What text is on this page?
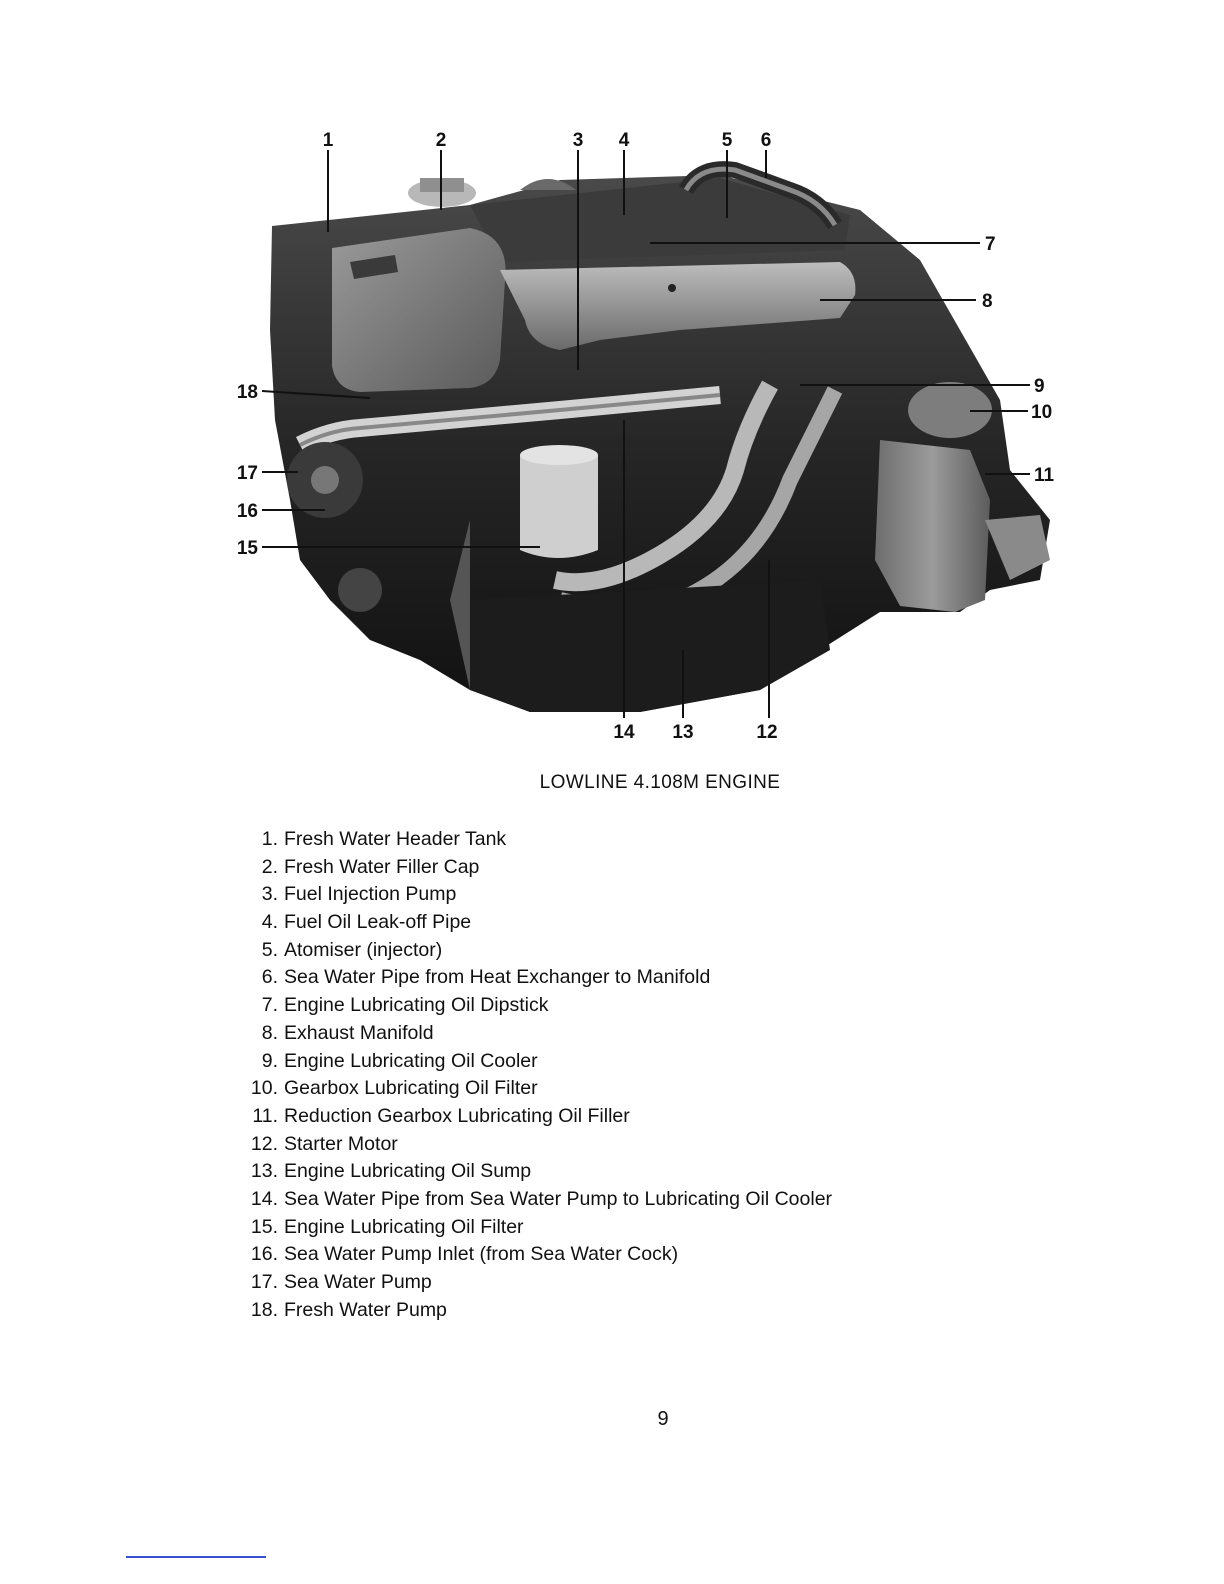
1	2	3 4	5 6
7
8
9
10
11
12
13
14
15
16
17
18
LOWLINE 4.108M ENGINE
1. Fresh Water Header Tank
2. Fresh Water Filler Cap
3. Fuel Injection Pump
4. Fuel Oil Leak-off Pipe
5. Atomiser (injector)
6. Sea Water Pipe from Heat Exchanger to Manifold
7. Engine Lubricating Oil Dipstick
8. Exhaust Manifold
9. Engine Lubricating Oil Cooler
10. Gearbox Lubricating Oil Filter
11. Reduction Gearbox Lubricating Oil Filler
12. Starter Motor
13. Engine Lubricating Oil Sump
14. Sea Water Pipe from Sea Water Pump to Lubricating Oil Cooler
15. Engine Lubricating Oil Filter
16. Sea Water Pump Inlet (from Sea Water Cock)
17. Sea Water Pump
18. Fresh Water Pump
9
